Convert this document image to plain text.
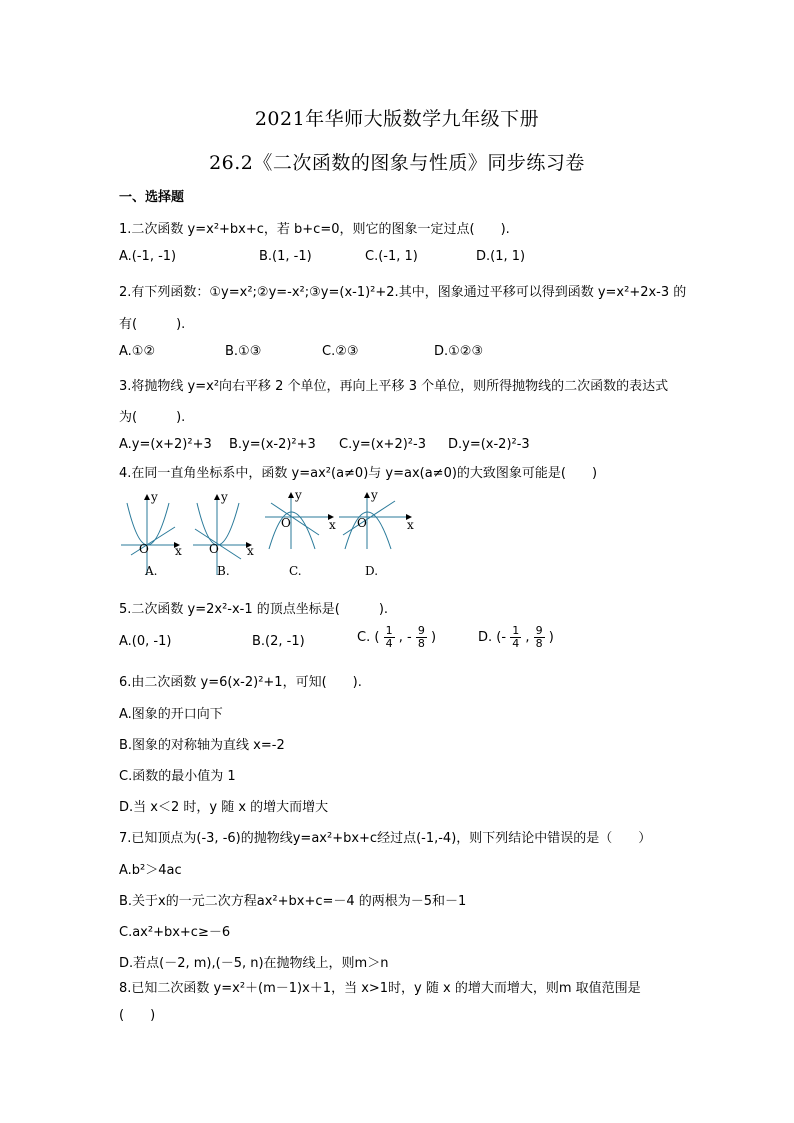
2021年华师大版数学九年级下册
26.2《二次函数的图象与性质》同步练习卷
一、选择题
1.二次函数 y=x²+bx+c，若 b+c=0，则它的图象一定过点(　　).
A.(-1, -1)	B.(1, -1)	C.(-1, 1)	D.(1, 1)
2.有下列函数：①y=x²;②y=-x²;③y=(x-1)²+2.其中，图象通过平移可以得到函数 y=x²+2x-3 的
有(　　　).
A.①②	B.①③	C.②③	D.①②③
3.将抛物线 y=x²向右平移 2 个单位，再向上平移 3 个单位，则所得抛物线的二次函数的表达式
为(　　　).
A.y=(x+2)²+3 B.y=(x-2)²+3 C.y=(x+2)²-3 D.y=(x-2)²-3
4.在同一直角坐标系中，函数 y=ax²(a≠0)与 y=ax(a≠0)的大致图象可能是(　　)
O x
y
A.
O x
y
B.
O	x
y
C.
O	x
y
D.
5.二次函数 y=2x²-x-1 的顶点坐标是(　　　).
A.(0, -1)	B.(2, -1)	C. ( $\frac{1}{4}$ , - $\frac{9}{8}$ )	D. (- $\frac{1}{4}$ , $\frac{9}{8}$ )
6.由二次函数 y=6(x-2)²+1，可知(　　).
A.图象的开口向下
B.图象的对称轴为直线 x=-2
C.函数的最小值为 1
D.当 x＜2 时，y 随 x 的增大而增大
7.已知顶点为(-3, -6)的抛物线y=ax²+bx+c经过点(-1,-4)，则下列结论中错误的是（　　）
A.b²＞4ac
B.关于x的一元二次方程ax²+bx+c=－4 的两根为－5和－1
C.ax²+bx+c≥－6
D.若点(－2, m),(－5, n)在抛物线上，则m＞n
8.已知二次函数 y=x²＋(m－1)x＋1，当 x>1时，y 随 x 的增大而增大，则m 取值范围是
(　　)
